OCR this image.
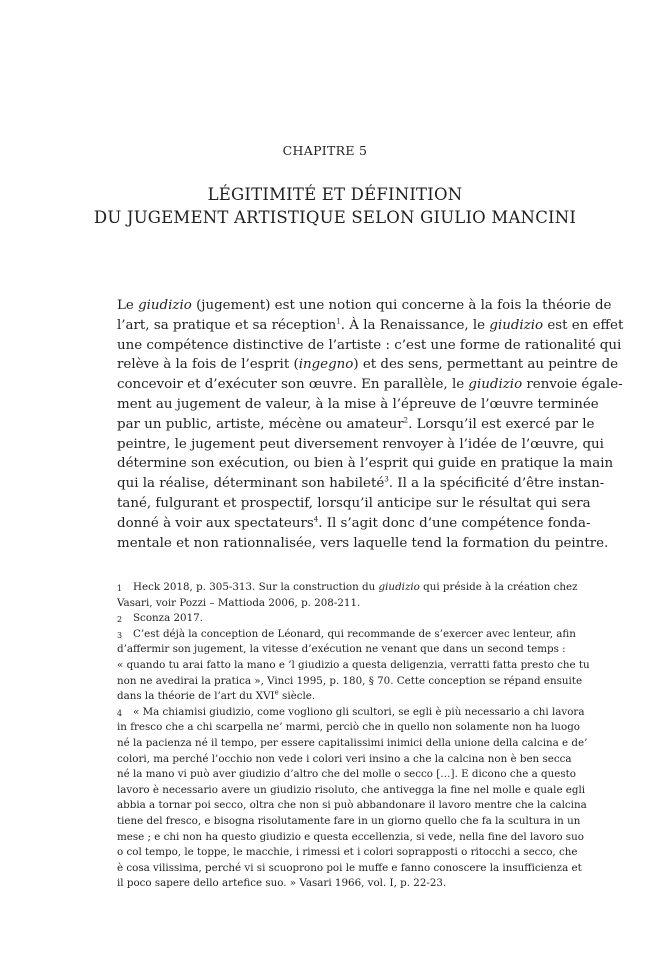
CHAPITRE 5
LÉGITIMITÉ ET DÉFINITION
DU JUGEMENT ARTISTIQUE SELON GIULIO MANCINI
Le giudizio (jugement) est une notion qui concerne à la fois la théorie de
l’art, sa pratique et sa réception$^1$. À la Renaissance, le giudizio est en effet
une compétence distinctive de l’artiste : c’est une forme de rationalité qui
relève à la fois de l’esprit (ingegno) et des sens, permettant au peintre de
concevoir et d’exécuter son œuvre. En parallèle, le giudizio renvoie égale-
ment au jugement de valeur, à la mise à l’épreuve de l’œuvre terminée
par un public, artiste, mécène ou amateur$^2$. Lorsqu’il est exercé par le
peintre, le jugement peut diversement renvoyer à l’idée de l’œuvre, qui
détermine son exécution, ou bien à l’esprit qui guide en pratique la main
qui la réalise, déterminant son habileté$^3$. Il a la spécificité d’être instan-
tané, fulgurant et prospectif, lorsqu’il anticipe sur le résultat qui sera
donné à voir aux spectateurs$^4$. Il s’agit donc d’une compétence fonda-
mentale et non rationnalisée, vers laquelle tend la formation du peintre.
1 Heck 2018, p. 305-313. Sur la construction du giudizio qui préside à la création chez
Vasari, voir Pozzi – Mattioda 2006, p. 208-211.
2 Sconza 2017.
3 C’est déjà la conception de Léonard, qui recommande de s’exercer avec lenteur, afin
d’affermir son jugement, la vitesse d’exécution ne venant que dans un second temps :
« quando tu arai fatto la mano e ’l giudizio a questa deligenzia, verratti fatta presto che tu
non ne avedirai la pratica », Vinci 1995, p. 180, § 70. Cette conception se répand ensuite
dans la théorie de l’art du XVIe siècle.
4 « Ma chiamisi giudizio, come vogliono gli scultori, se egli è più necessario a chi lavora
in fresco che a chi scarpella ne’ marmi, perciò che in quello non solamente non ha luogo
né la pacienza né il tempo, per essere capitalissimi inimici della unione della calcina e de’
colori, ma perché l’occhio non vede i colori veri insino a che la calcina non è ben secca
né la mano vi può aver giudizio d’altro che del molle o secco […]. E dicono che a questo
lavoro è necessario avere un giudizio risoluto, che antivegga la fine nel molle e quale egli
abbia a tornar poi secco, oltra che non si può abbandonare il lavoro mentre che la calcina
tiene del fresco, e bisogna risolutamente fare in un giorno quello che fa la scultura in un
mese ; e chi non ha questo giudizio e questa eccellenzia, si vede, nella fine del lavoro suo
o col tempo, le toppe, le macchie, i rimessi et i colori soprapposti o ritocchi a secco, che
è cosa vilissima, perché vi si scuoprono poi le muffe e fanno conoscere la insufficienza et
il poco sapere dello artefice suo. » Vasari 1966, vol. I, p. 22-23.
